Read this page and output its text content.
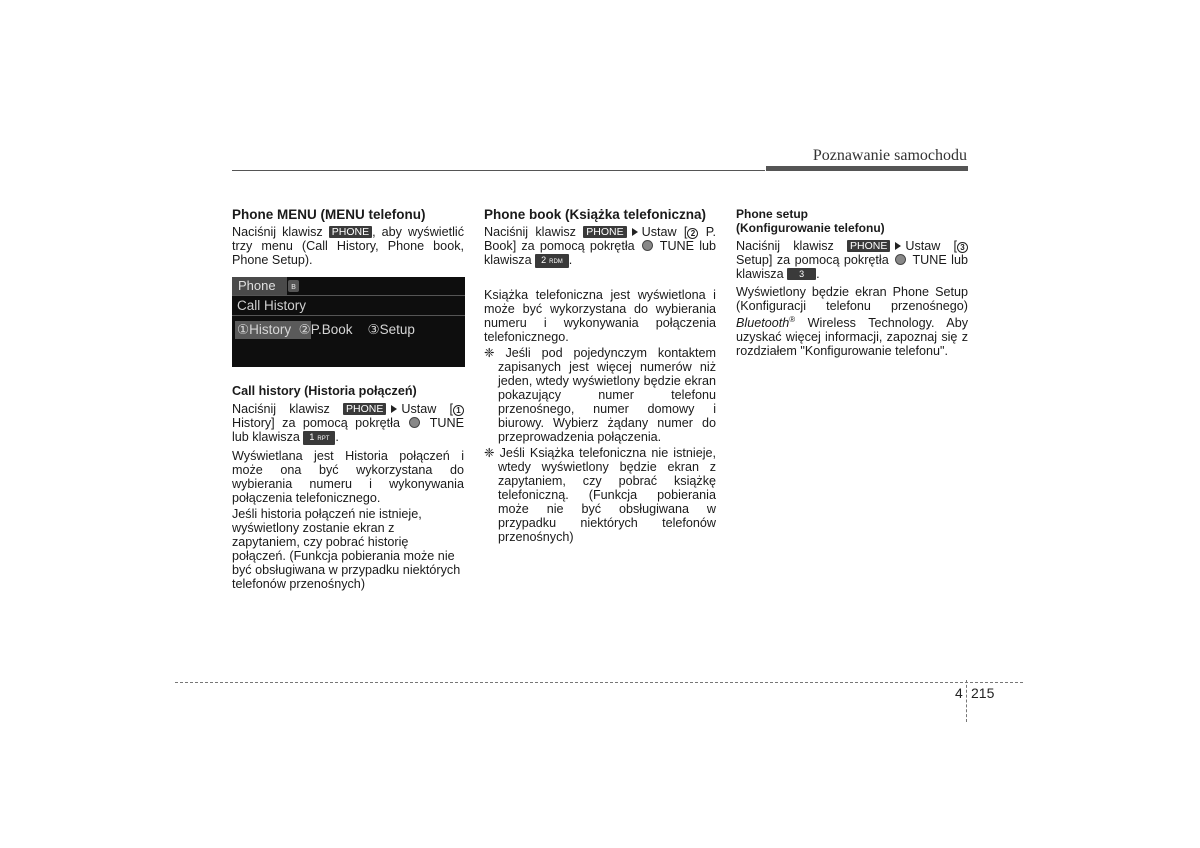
Poznawanie samochodu
Phone MENU (MENU telefonu)

Naciśnij klawisz PHONE , aby wyświetlić trzy menu (Call History, Phone book, Phone Setup).

Phone	ʙ
Call History
①History ②P.Book ③Setup
Call history (Historia połączeń)

Naciśnij klawisz PHONE Ustaw [ 1 History] za pomocą pokrętła TUNE lub klawisza 1 RPT .

Wyświetlana jest Historia połączeń i może ona być wykorzystana do wybierania numeru i wykonywania połączenia telefonicznego.

Jeśli historia połączeń nie istnieje, wyświetlony zostanie ekran z zapytaniem, czy pobrać historię połączeń. (Funkcja pobierania może nie być obsługiwana w przypadku niektórych telefonów przenośnych)

Phone book (Książka telefoniczna)

Naciśnij klawisz PHONE Ustaw [ 2 P. Book] za pomocą pokrętła TUNE lub klawisza 2 RDM .

Książka telefoniczna jest wyświetlona i może być wykorzystana do wybierania numeru i wykonywania połączenia telefonicznego.

❈ Jeśli pod pojedynczym kontaktem zapisanych jest więcej numerów niż jeden, wtedy wyświetlony będzie ekran pokazujący numer telefonu przenośnego, numer domowy i biurowy. Wybierz żądany numer do przeprowadzenia połączenia.

❈ Jeśli Książka telefoniczna nie istnieje, wtedy wyświetlony będzie ekran z zapytaniem, czy pobrać książkę telefoniczną. (Funkcja pobierania może nie być obsługiwana w przypadku niektórych telefonów przenośnych)

Phone setup
(Konfigurowanie telefonu)

Naciśnij klawisz PHONE Ustaw [ 3 Setup] za pomocą pokrętła TUNE lub klawisza 3 .

Wyświetlony będzie ekran Phone Setup (Konfiguracji telefonu przenośnego) Bluetooth® Wireless Technology. Aby uzyskać więcej informacji, zapoznaj się z rozdziałem "Konfigurowanie telefonu".

4 215
